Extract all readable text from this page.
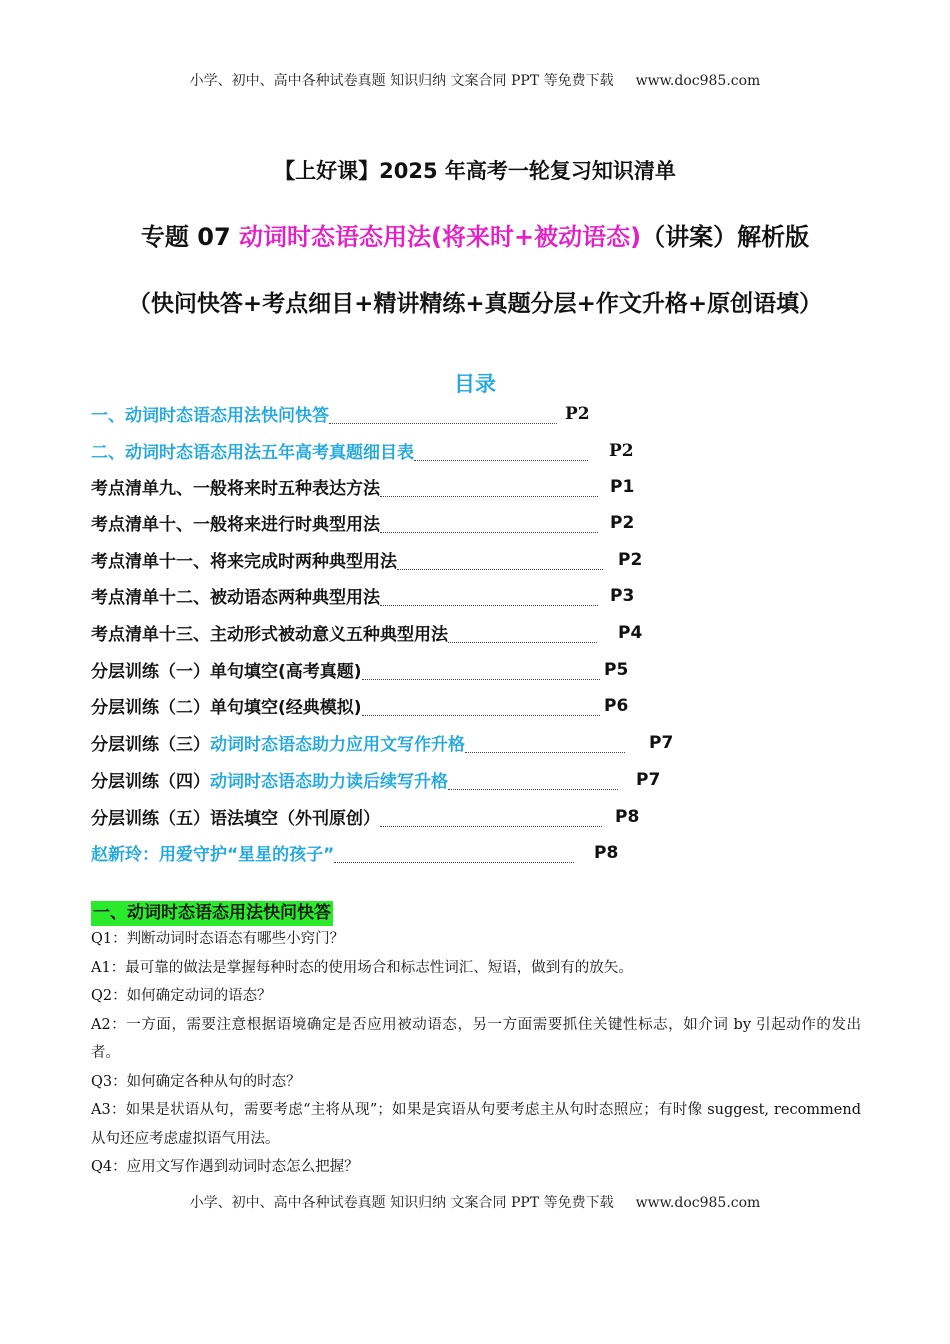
小学、初中、高中各种试卷真题 知识归纳 文案合同 PPT 等免费下载 www.doc985.com
【上好课】2025 年高考一轮复习知识清单
专题 07 动词时态语态用法(将来时+被动语态)（讲案）解析版
（快问快答+考点细目+精讲精练+真题分层+作文升格+原创语填）
目录
一、动词时态语态用法快问快答	P2
二、动词时态语态用法五年高考真题细目表	P2
考点清单九、一般将来时五种表达方法	P1
考点清单十、一般将来进行时典型用法	P2
考点清单十一、将来完成时两种典型用法	P2
考点清单十二、被动语态两种典型用法	P3
考点清单十三、主动形式被动意义五种典型用法	P4
分层训练（一）单句填空(高考真题)	P5
分层训练（二）单句填空(经典模拟)	P6
分层训练（三） 动词时态语态助力应用文写作升格	P7
分层训练（四） 动词时态语态助力读后续写升格	P7
分层训练（五）语法填空（外刊原创）	P8
赵新玲：用爱守护“星星的孩子”	P8
一、动词时态语态用法快问快答

Q1：判断动词时态语态有哪些小窍门？

A1：最可靠的做法是掌握每种时态的使用场合和标志性词汇、短语，做到有的放矢。

Q2：如何确定动词的语态？

A2：一方面，需要注意根据语境确定是否应用被动语态，另一方面需要抓住关键性标志，如介词 by 引起动作的发出者。

Q3：如何确定各种从句的时态？

A3：如果是状语从句，需要考虑“主将从现”；如果是宾语从句要考虑主从句时态照应；有时像 suggest, recommend 从句还应考虑虚拟语气用法。

Q4：应用文写作遇到动词时态怎么把握？

小学、初中、高中各种试卷真题 知识归纳 文案合同 PPT 等免费下载 www.doc985.com
